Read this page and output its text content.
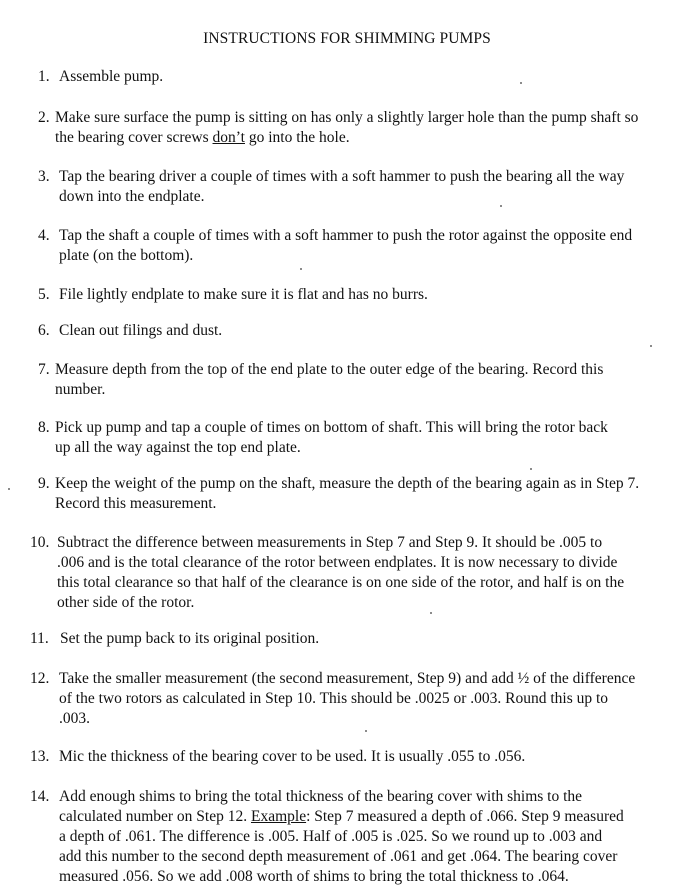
INSTRUCTIONS FOR SHIMMING PUMPS
1. Assemble pump.
2. Make sure surface the pump is sitting on has only a slightly larger hole than the pump shaft so
the bearing cover screws don’t go into the hole.
3. Tap the bearing driver a couple of times with a soft hammer to push the bearing all the way
down into the endplate.
4. Tap the shaft a couple of times with a soft hammer to push the rotor against the opposite end
plate (on the bottom).
5. File lightly endplate to make sure it is flat and has no burrs.
6. Clean out filings and dust.
7. Measure depth from the top of the end plate to the outer edge of the bearing. Record this
number.
8. Pick up pump and tap a couple of times on bottom of shaft. This will bring the rotor back
up all the way against the top end plate.
9. Keep the weight of the pump on the shaft, measure the depth of the bearing again as in Step 7.
Record this measurement.
10. Subtract the difference between measurements in Step 7 and Step 9. It should be .005 to
.006 and is the total clearance of the rotor between endplates. It is now necessary to divide
this total clearance so that half of the clearance is on one side of the rotor, and half is on the
other side of the rotor.
11. Set the pump back to its original position.
12. Take the smaller measurement (the second measurement, Step 9) and add ½ of the difference
of the two rotors as calculated in Step 10. This should be .0025 or .003. Round this up to
.003.
13. Mic the thickness of the bearing cover to be used. It is usually .055 to .056.
14. Add enough shims to bring the total thickness of the bearing cover with shims to the
calculated number on Step 12. Example: Step 7 measured a depth of .066. Step 9 measured
a depth of .061. The difference is .005. Half of .005 is .025. So we round up to .003 and
add this number to the second depth measurement of .061 and get .064. The bearing cover
measured .056. So we add .008 worth of shims to bring the total thickness to .064.
